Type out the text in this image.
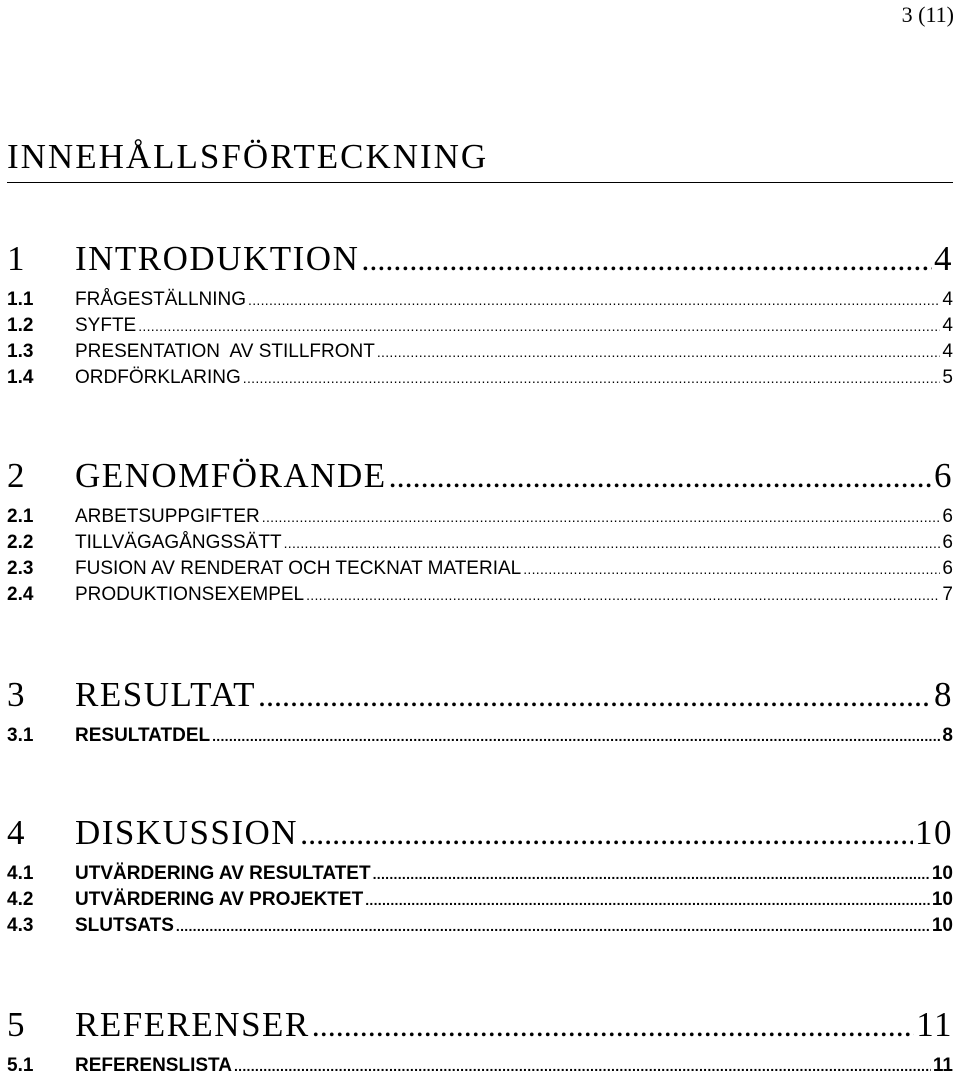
3 (11)
INNEHÅLLSFÖRTECKNING
1	INTRODUKTION .....	4
1.1	FRÅGESTÄLLNING .....	4
1.2	SYFTE .....	4
1.3	PRESENTATION  AV STILLFRONT .....	4
1.4	ORDFÖRKLARING .....	5
2	GENOMFÖRANDE .....	6
2.1	ARBETSUPPGIFTER .....	6
2.2	TILLVÄGAGÅNGSSÄTT .....	6
2.3	FUSION AV RENDERAT OCH TECKNAT MATERIAL .....	6
2.4	PRODUKTIONSEXEMPEL .....	7
3	RESULTAT .....	8
3.1	RESULTATDEL .....	8
4	DISKUSSION .....	10
4.1	UTVÄRDERING AV RESULTATET .....	10
4.2	UTVÄRDERING AV PROJEKTET .....	10
4.3	SLUTSATS .....	10
5	REFERENSER .....	11
5.1	REFERENSLISTA .....	11
